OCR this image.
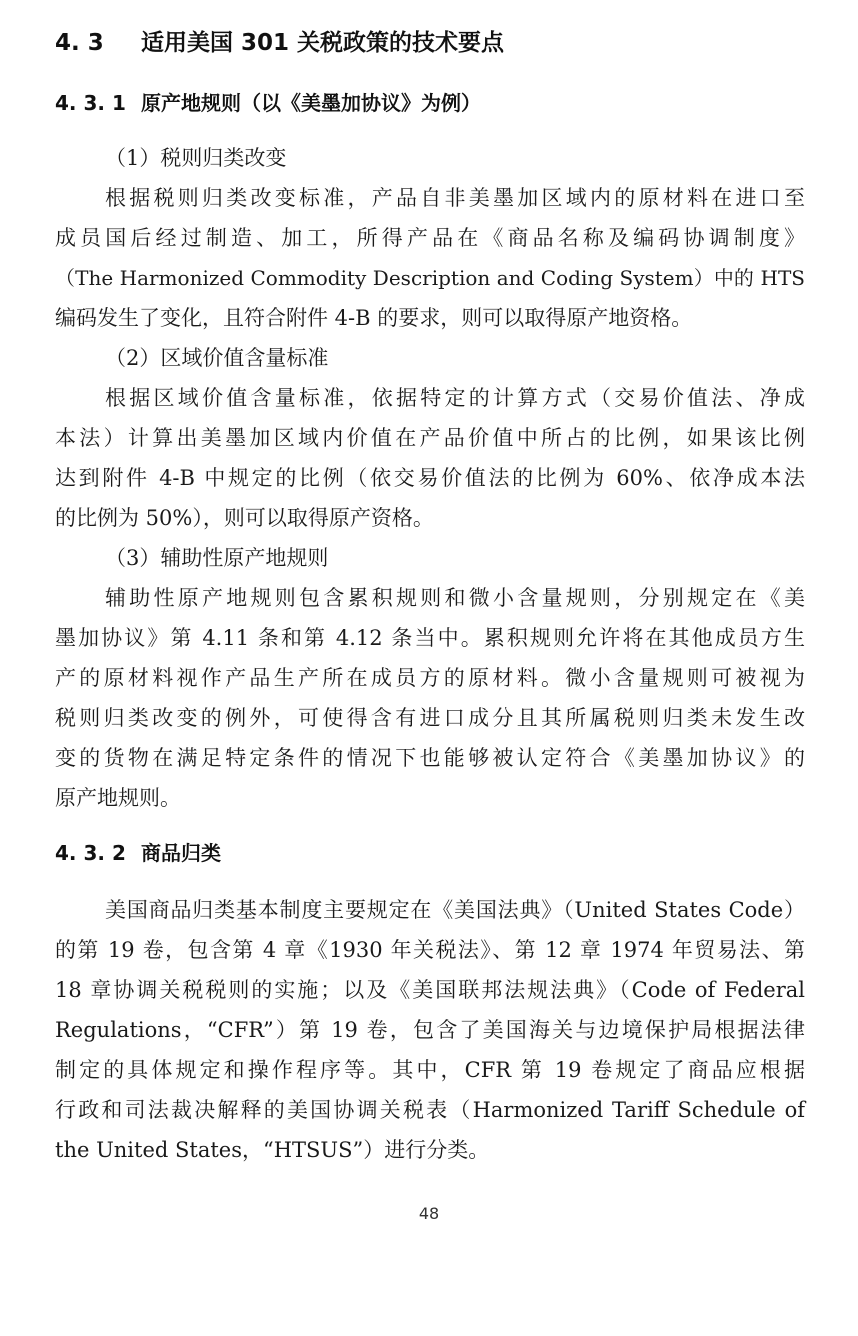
4. 3 适用美国 301 关税政策的技术要点
4. 3. 1 原产地规则（以《美墨加协议》为例）
（1）税则归类改变
根据税则归类改变标准，产品自非美墨加区域内的原材料在进口至
成员国后经过制造、加工，所得产品在《商品名称及编码协调制度》
（The Harmonized Commodity Description and Coding System）中的 HTS
编码发生了变化，且符合附件 4-B 的要求，则可以取得原产地资格。
（2）区域价值含量标准
根据区域价值含量标准，依据特定的计算方式（交易价值法、净成
本法）计算出美墨加区域内价值在产品价值中所占的比例，如果该比例
达到附件 4-B 中规定的比例（依交易价值法的比例为 60%、依净成本法
的比例为 50%），则可以取得原产资格。
（3）辅助性原产地规则
辅助性原产地规则包含累积规则和微小含量规则，分别规定在《美
墨加协议》第 4.11 条和第 4.12 条当中。累积规则允许将在其他成员方生
产的原材料视作产品生产所在成员方的原材料。微小含量规则可被视为
税则归类改变的例外，可使得含有进口成分且其所属税则归类未发生改
变的货物在满足特定条件的情况下也能够被认定符合《美墨加协议》的
原产地规则。
4. 3. 2 商品归类
美国商品归类基本制度主要规定在《美国法典》（United States Code）
的第 19 卷，包含第 4 章《1930 年关税法》、第 12 章 1974 年贸易法、第
18 章协调关税税则的实施；以及《美国联邦法规法典》（Code of Federal
Regulations，“CFR”）第 19 卷，包含了美国海关与边境保护局根据法律
制定的具体规定和操作程序等。其中，CFR 第 19 卷规定了商品应根据
行政和司法裁决解释的美国协调关税表（Harmonized Tariff Schedule of
the United States，“HTSUS”）进行分类。
48
